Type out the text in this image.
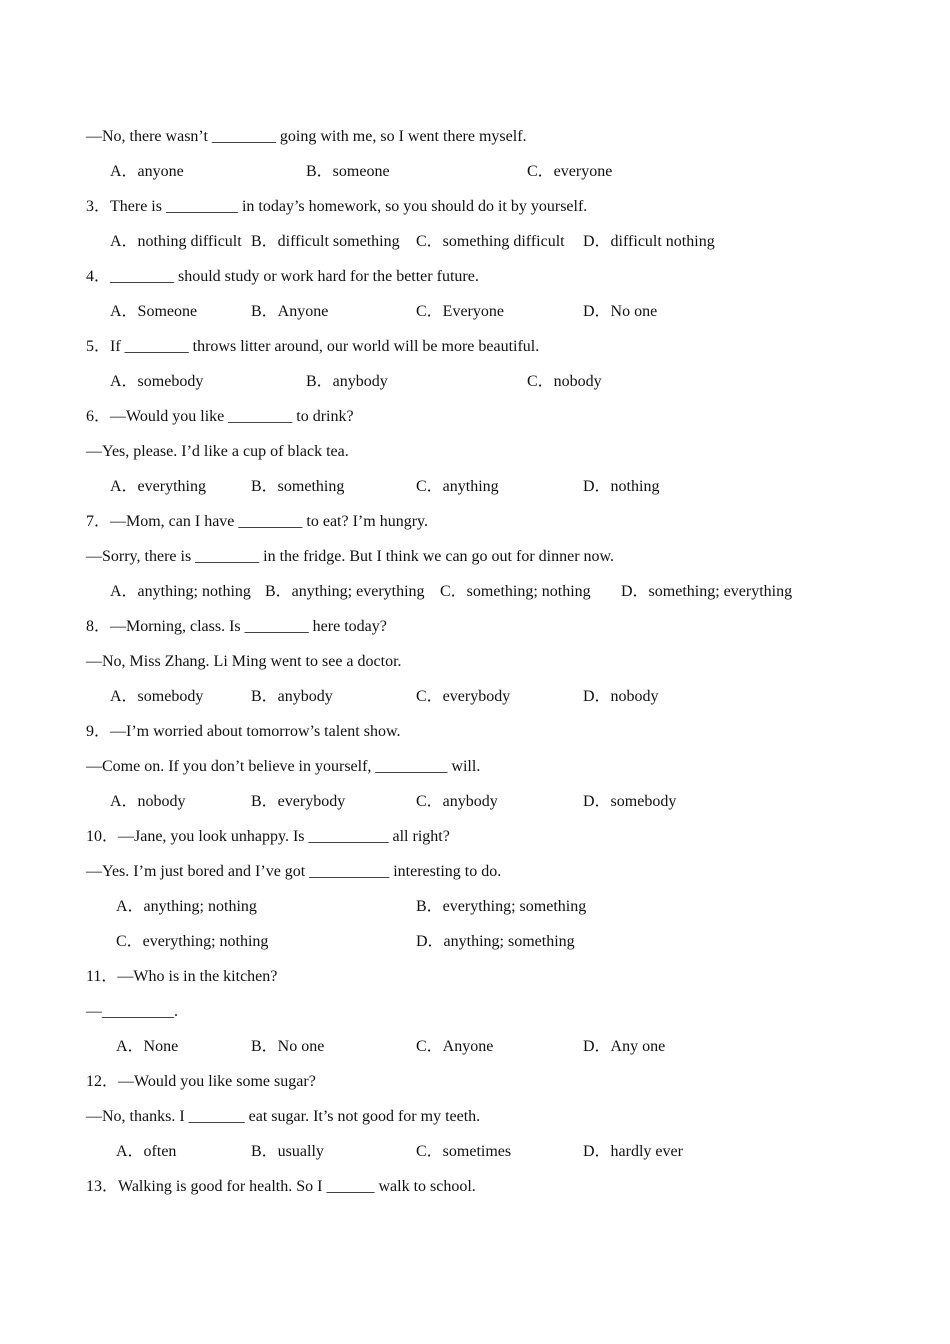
—No, there wasn’t ________ going with me, so I went there myself.
A．anyone	B．someone	C．everyone
3．There is _________ in today’s homework, so you should do it by yourself.
A．nothing difficult B．difficult something C．something difficult D．difficult nothing
4．________ should study or work hard for the better future.
A．Someone	B．Anyone	C．Everyone	D．No one
5．If ________ throws litter around, our world will be more beautiful.
A．somebody	B．anybody	C．nobody
6．—Would you like ________ to drink?
—Yes, please. I’d like a cup of black tea.
A．everything	B．something	C．anything	D．nothing
7．—Mom, can I have ________ to eat? I’m hungry.
—Sorry, there is ________ in the fridge. But I think we can go out for dinner now.
A．anything; nothing B．anything; everything C．something; nothing D．something; everything
8．—Morning, class. Is ________ here today?
—No, Miss Zhang. Li Ming went to see a doctor.
A．somebody	B．anybody	C．everybody	D．nobody
9．—I’m worried about tomorrow’s talent show.
—Come on. If you don’t believe in yourself, _________ will.
A．nobody	B．everybody	C．anybody	D．somebody
10．—Jane, you look unhappy. Is __________ all right?
—Yes. I’m just bored and I’ve got __________ interesting to do.
A．anything; nothing	B．everything; something
C．everything; nothing	D．anything; something
11．—Who is in the kitchen?
—_________.
A．None	B．No one	C．Anyone	D．Any one
12．—Would you like some sugar?
—No, thanks. I _______ eat sugar. It’s not good for my teeth.
A．often	B．usually	C．sometimes	D．hardly ever
13．Walking is good for health. So I ______ walk to school.
